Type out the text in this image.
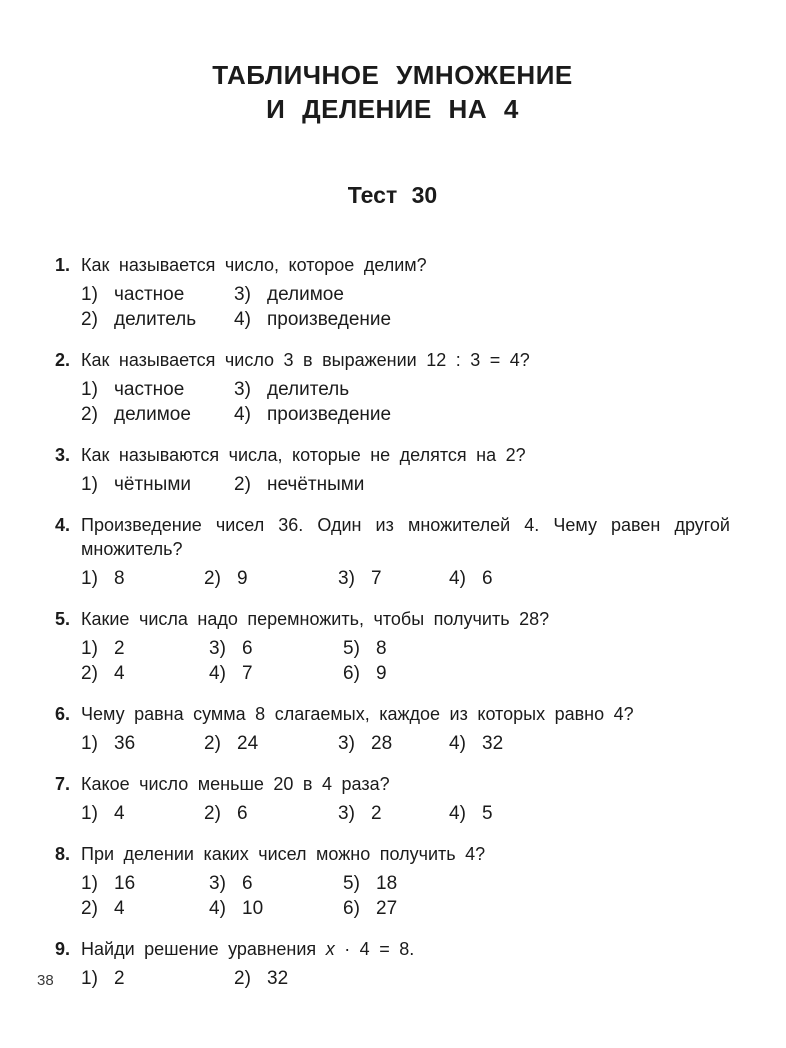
ТАБЛИЧНОЕ УМНОЖЕНИЕ
И ДЕЛЕНИЕ НА 4
Тест 30
1. Как называется число, которое делим?
1) частное	3) делимое
2) делитель	4) произведение
2. Как называется число 3 в выражении 12 : 3 = 4?
1) частное	3) делитель
2) делимое	4) произведение
3. Как называются числа, которые не делятся на 2?
1) чётными	2) нечётными
4. Произведение чисел 36. Один из множителей 4. Чему равен другой множитель?
1) 8	2) 9	3) 7	4) 6
5. Какие числа надо перемножить, чтобы получить 28?
1) 2	3) 6	5) 8
2) 4	4) 7	6) 9
6. Чему равна сумма 8 слагаемых, каждое из которых равно 4?
1) 36	2) 24	3) 28	4) 32
7. Какое число меньше 20 в 4 раза?
1) 4	2) 6	3) 2	4) 5
8. При делении каких чисел можно получить 4?
1) 16	3) 6	5) 18
2) 4	4) 10	6) 27
9. Найди решение уравнения x · 4 = 8.
1) 2	2) 32
38
